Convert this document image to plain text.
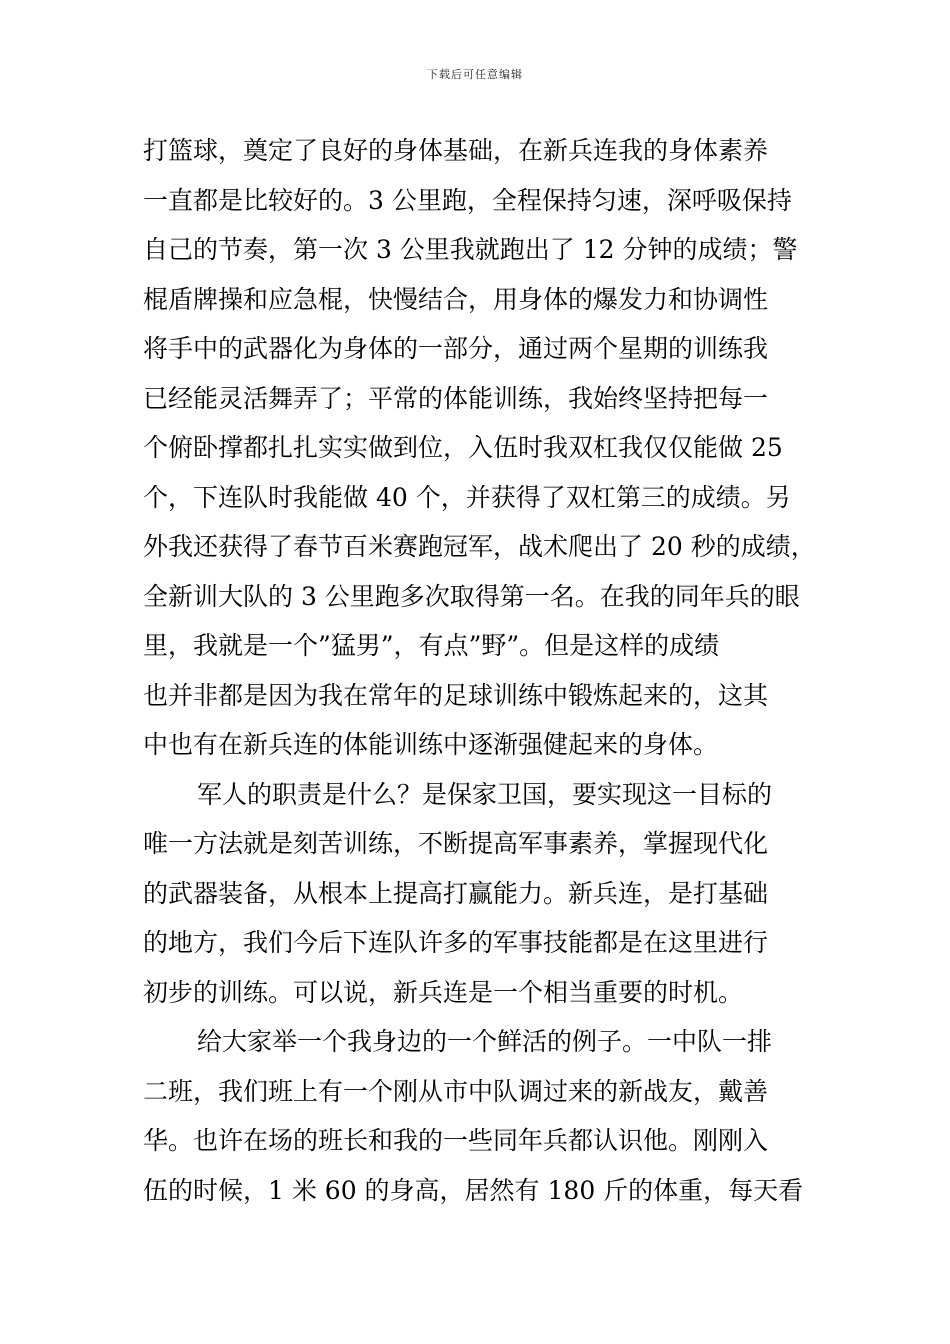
下载后可任意编辑
打篮球，奠定了良好的身体基础，在新兵连我的身体素养
一直都是比较好的。3 公里跑，全程保持匀速，深呼吸保持
自己的节奏，第一次 3 公里我就跑出了 12 分钟的成绩；警
棍盾牌操和应急棍，快慢结合，用身体的爆发力和协调性
将手中的武器化为身体的一部分，通过两个星期的训练我
已经能灵活舞弄了；平常的体能训练，我始终坚持把每一
个俯卧撑都扎扎实实做到位，入伍时我双杠我仅仅能做 25
个，下连队时我能做 40 个，并获得了双杠第三的成绩。另
外我还获得了春节百米赛跑冠军，战术爬出了 20 秒的成绩，
全新训大队的 3 公里跑多次取得第一名。在我的同年兵的眼
里，我就是一个”猛男”，有点”野”。但是这样的成绩
也并非都是因为我在常年的足球训练中锻炼起来的，这其
中也有在新兵连的体能训练中逐渐强健起来的身体。
军人的职责是什么？是保家卫国，要实现这一目标的
唯一方法就是刻苦训练，不断提高军事素养，掌握现代化
的武器装备，从根本上提高打赢能力。新兵连，是打基础
的地方，我们今后下连队许多的军事技能都是在这里进行
初步的训练。可以说，新兵连是一个相当重要的时机。
给大家举一个我身边的一个鲜活的例子。一中队一排
二班，我们班上有一个刚从市中队调过来的新战友，戴善
华。也许在场的班长和我的一些同年兵都认识他。刚刚入
伍的时候，1 米 60 的身高，居然有 180 斤的体重，每天看
